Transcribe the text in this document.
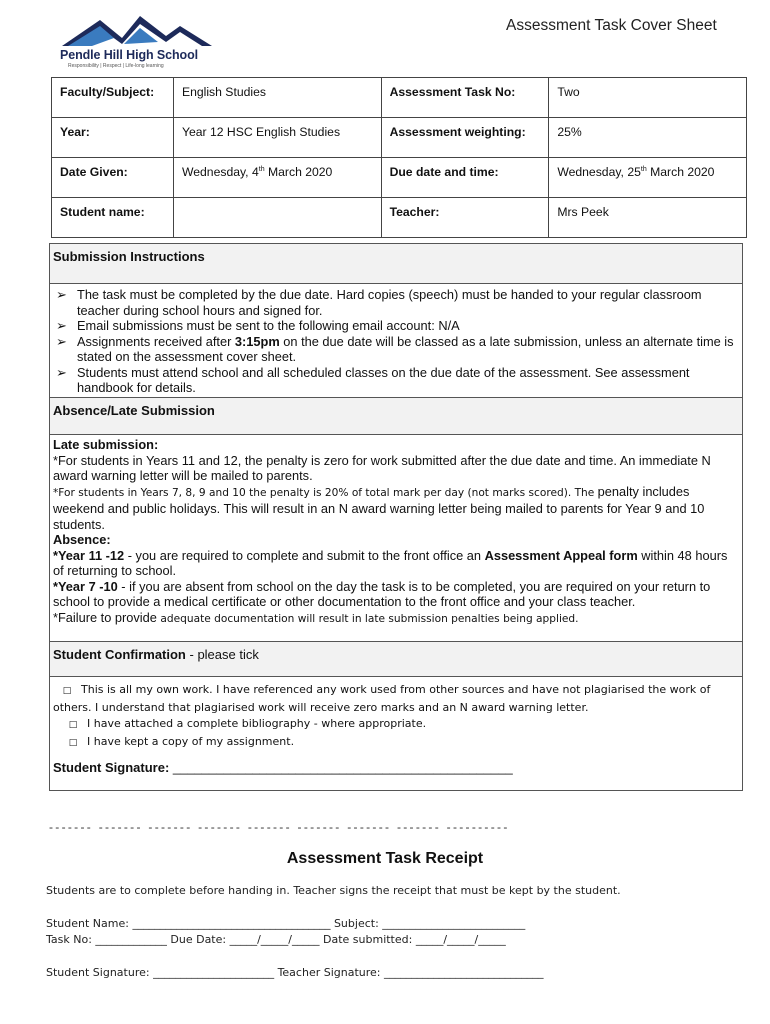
Pendle Hill High School
Responsibility | Respect | Life-long learning
Assessment Task Cover Sheet
Faculty/Subject:	English Studies	Assessment Task No:	Two
Year:	Year 12 HSC English Studies	Assessment weighting:	25%
Date Given:	Wednesday, 4th March 2020	Due date and time:	Wednesday, 25th March 2020
Student name:		Teacher:	Mrs Peek
Submission Instructions
➢ The task must be completed by the due date. Hard copies (speech) must be handed to your regular classroom teacher during school hours and signed for.
➢ Email submissions must be sent to the following email account: N/A
➢ Assignments received after 3:15pm on the due date will be classed as a late submission, unless an alternate time is stated on the assessment cover sheet.
➢ Students must attend school and all scheduled classes on the due date of the assessment. See assessment handbook for details.
Absence/Late Submission
Late submission:
*For students in Years 11 and 12, the penalty is zero for work submitted after the due date and time. An immediate N award warning letter will be mailed to parents.
*For students in Years 7, 8, 9 and 10 the penalty is 20% of total mark per day (not marks scored). The penalty includes weekend and public holidays. This will result in an N award warning letter being mailed to parents for Year 9 and 10 students.
Absence:
*Year 11 -12 - you are required to complete and submit to the front office an Assessment Appeal form within 48 hours of returning to school.
*Year 7 -10 - if you are absent from school on the day the task is to be completed, you are required on your return to school to provide a medical certificate or other documentation to the front office and your class teacher.
*Failure to provide adequate documentation will result in late submission penalties being applied.
Student Confirmation - please tick
□ This is all my own work. I have referenced any work used from other sources and have not plagiarised the work of others. I understand that plagiarised work will receive zero marks and an N award warning letter.
□ I have attached a complete bibliography - where appropriate.
□ I have kept a copy of my assignment.
Student Signature: _______________________________________________
------- ------- ------- ------- ------- ------- ------- ------- ----------
Assessment Task Receipt
Students are to complete before handing in. Teacher signs the receipt that must be kept by the student.
Student Name: ____________________________________ Subject: __________________________
Task No: _____________ Due Date: _____/_____/_____ Date submitted: _____/_____/_____
Student Signature: ______________________ Teacher Signature: _____________________________
